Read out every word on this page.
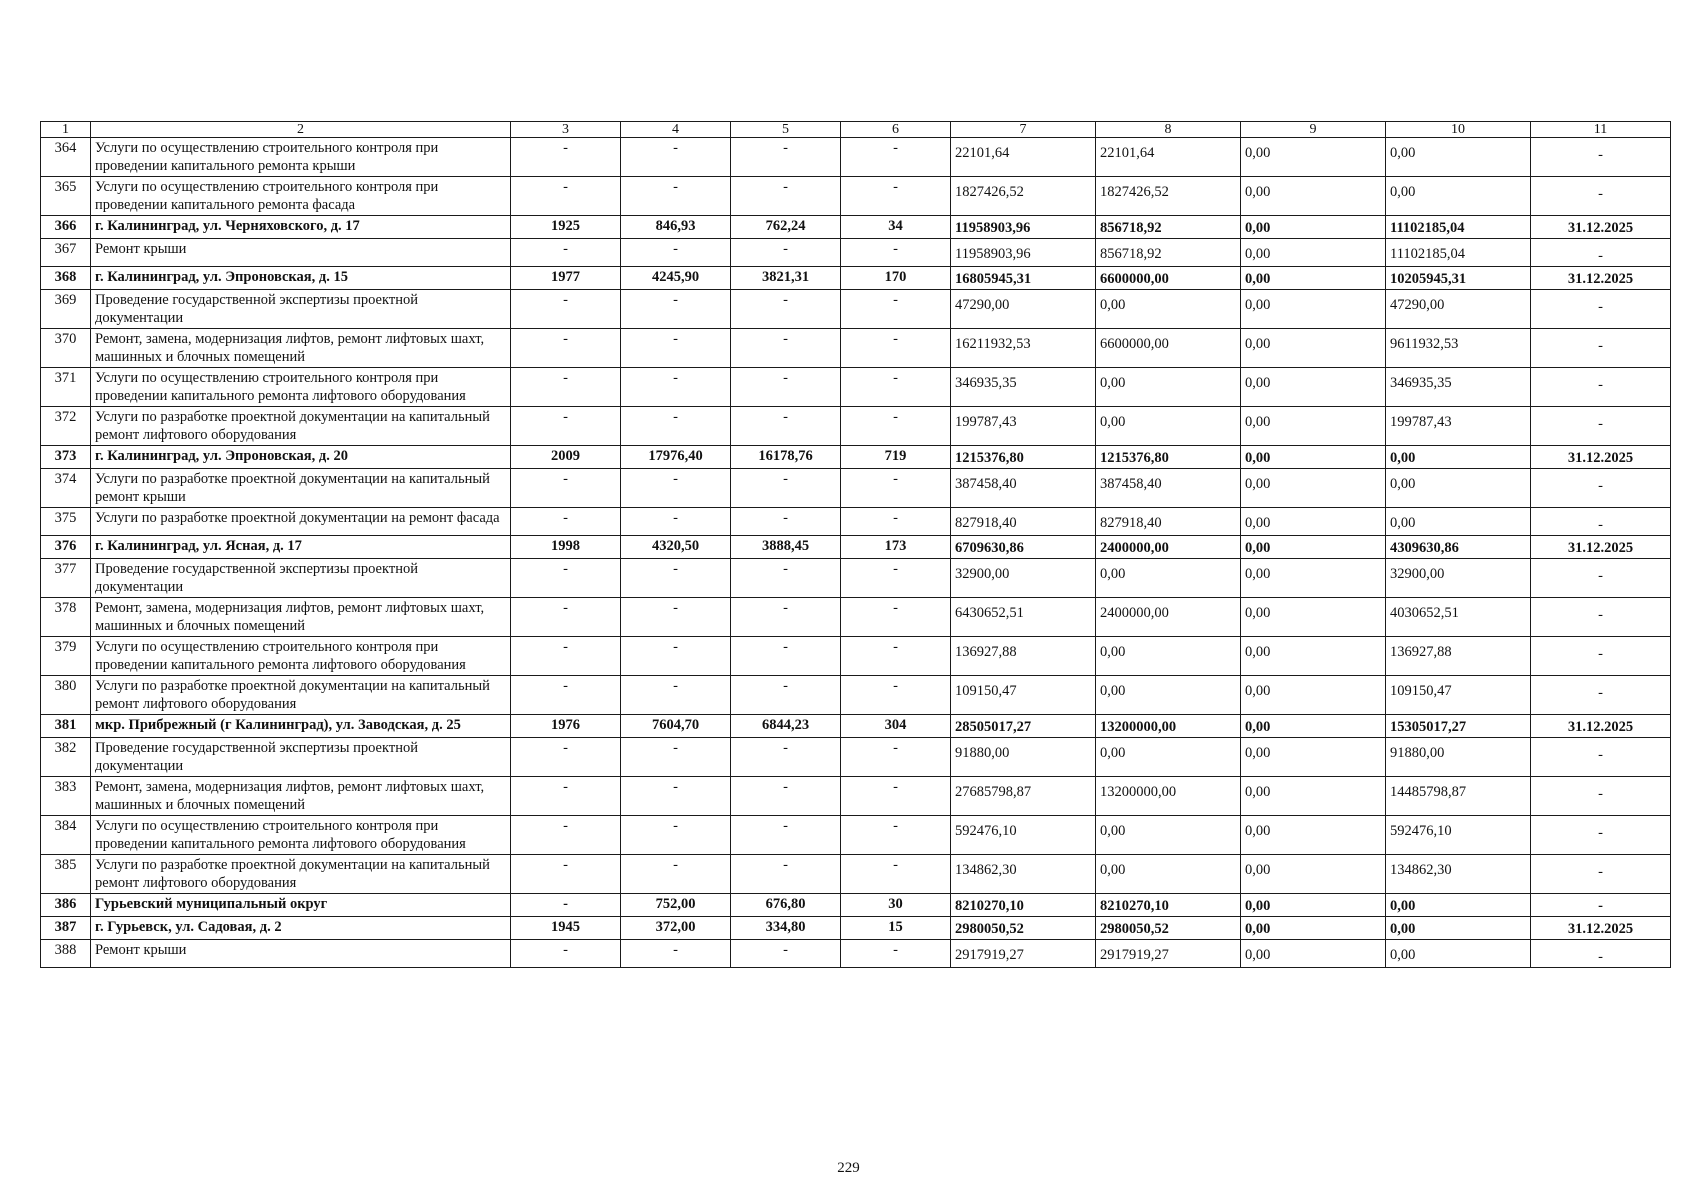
1	2	3	4	5	6	7	8	9	10	11
364	Услуги по осуществлению строительного контроля при проведении капитального ремонта крыши	-	-	-	-	22101,64	22101,64	0,00	0,00	-
365	Услуги по осуществлению строительного контроля при проведении капитального ремонта фасада	-	-	-	-	1827426,52	1827426,52	0,00	0,00	-
366	г. Калининград, ул. Черняховского, д. 17	1925	846,93	762,24	34	11958903,96	856718,92	0,00	11102185,04	31.12.2025
367	Ремонт крыши	-	-	-	-	11958903,96	856718,92	0,00	11102185,04	-
368	г. Калининград, ул. Эпроновская, д. 15	1977	4245,90	3821,31	170	16805945,31	6600000,00	0,00	10205945,31	31.12.2025
369	Проведение государственной экспертизы проектной документации	-	-	-	-	47290,00	0,00	0,00	47290,00	-
370	Ремонт, замена, модернизация лифтов, ремонт лифтовых шахт, машинных и блочных помещений	-	-	-	-	16211932,53	6600000,00	0,00	9611932,53	-
371	Услуги по осуществлению строительного контроля при проведении капитального ремонта лифтового оборудования	-	-	-	-	346935,35	0,00	0,00	346935,35	-
372	Услуги по разработке проектной документации на капитальный ремонт лифтового оборудования	-	-	-	-	199787,43	0,00	0,00	199787,43	-
373	г. Калининград, ул. Эпроновская, д. 20	2009	17976,40	16178,76	719	1215376,80	1215376,80	0,00	0,00	31.12.2025
374	Услуги по разработке проектной документации на капитальный ремонт крыши	-	-	-	-	387458,40	387458,40	0,00	0,00	-
375	Услуги по разработке проектной документации на ремонт фасада	-	-	-	-	827918,40	827918,40	0,00	0,00	-
376	г. Калининград, ул. Ясная, д. 17	1998	4320,50	3888,45	173	6709630,86	2400000,00	0,00	4309630,86	31.12.2025
377	Проведение государственной экспертизы проектной документации	-	-	-	-	32900,00	0,00	0,00	32900,00	-
378	Ремонт, замена, модернизация лифтов, ремонт лифтовых шахт, машинных и блочных помещений	-	-	-	-	6430652,51	2400000,00	0,00	4030652,51	-
379	Услуги по осуществлению строительного контроля при проведении капитального ремонта лифтового оборудования	-	-	-	-	136927,88	0,00	0,00	136927,88	-
380	Услуги по разработке проектной документации на капитальный ремонт лифтового оборудования	-	-	-	-	109150,47	0,00	0,00	109150,47	-
381	мкр. Прибрежный (г Калининград), ул. Заводская, д. 25	1976	7604,70	6844,23	304	28505017,27	13200000,00	0,00	15305017,27	31.12.2025
382	Проведение государственной экспертизы проектной документации	-	-	-	-	91880,00	0,00	0,00	91880,00	-
383	Ремонт, замена, модернизация лифтов, ремонт лифтовых шахт, машинных и блочных помещений	-	-	-	-	27685798,87	13200000,00	0,00	14485798,87	-
384	Услуги по осуществлению строительного контроля при проведении капитального ремонта лифтового оборудования	-	-	-	-	592476,10	0,00	0,00	592476,10	-
385	Услуги по разработке проектной документации на капитальный ремонт лифтового оборудования	-	-	-	-	134862,30	0,00	0,00	134862,30	-
386	Гурьевский муниципальный округ	-	752,00	676,80	30	8210270,10	8210270,10	0,00	0,00	-
387	г. Гурьевск, ул. Садовая, д. 2	1945	372,00	334,80	15	2980050,52	2980050,52	0,00	0,00	31.12.2025
388	Ремонт крыши	-	-	-	-	2917919,27	2917919,27	0,00	0,00	-
229
